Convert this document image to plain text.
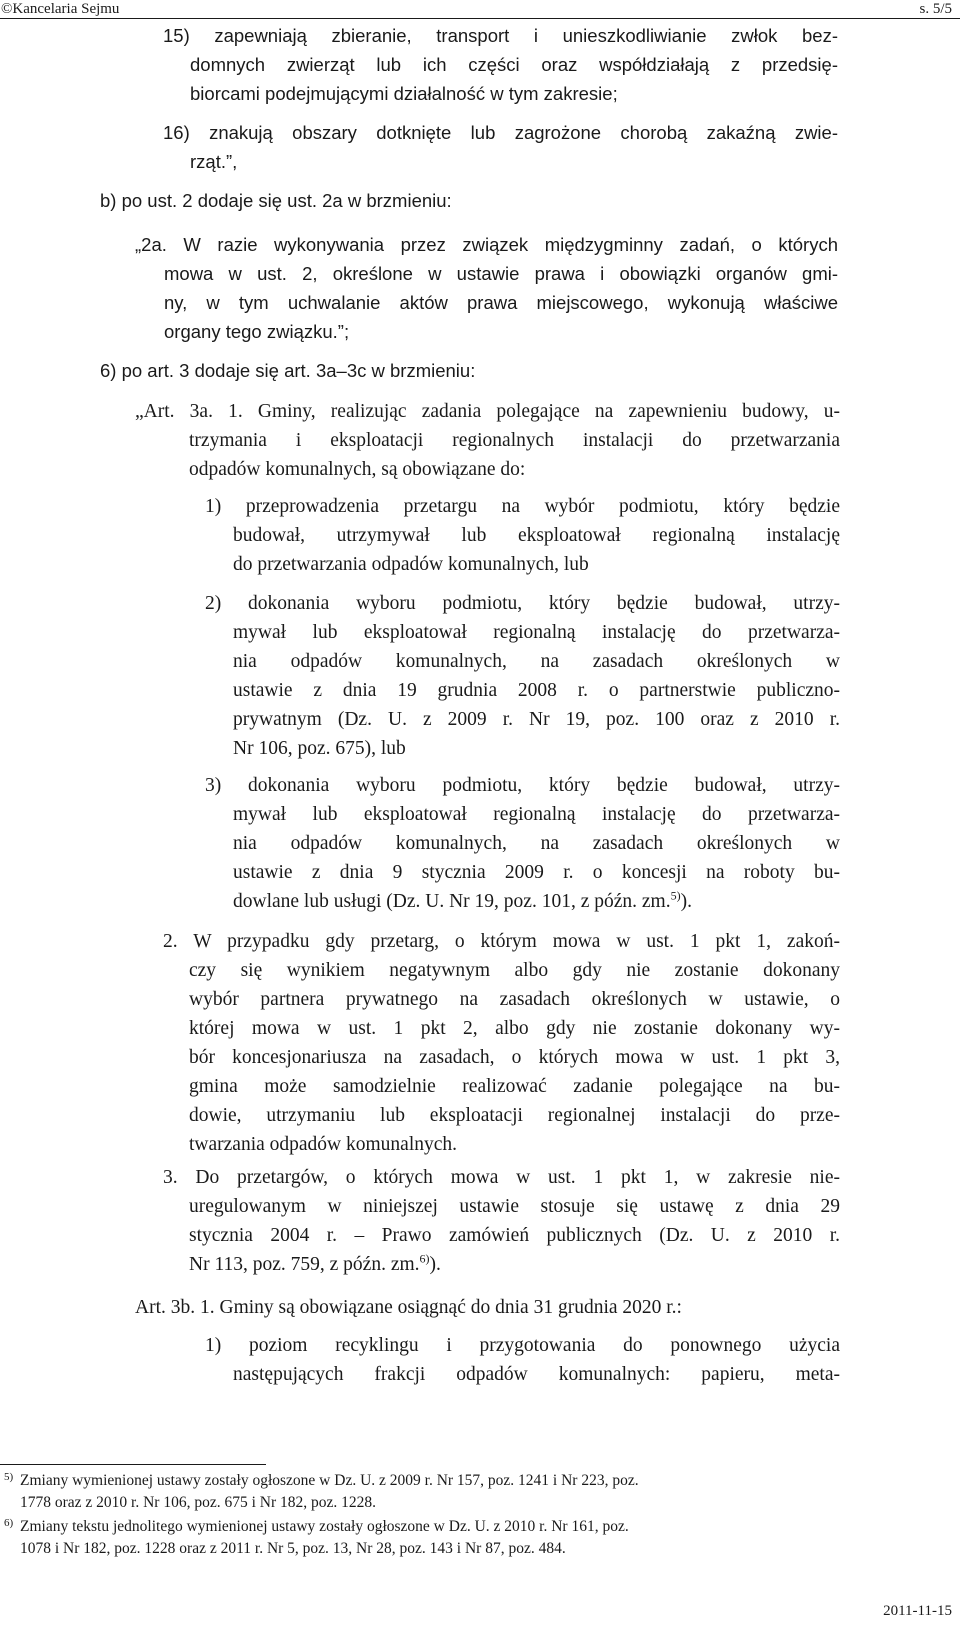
©Kancelaria Sejmu	s. 5/5
15) zapewniają zbieranie, transport i unieszkodliwianie zwłok bez-
domnych zwierząt lub ich części oraz współdziałają z przedsię-
biorcami podejmującymi działalność w tym zakresie;
16) znakują obszary dotknięte lub zagrożone chorobą zakaźną zwie-
rząt.”,
b) po ust. 2 dodaje się ust. 2a w brzmieniu:
„2a. W razie wykonywania przez związek międzygminny zadań, o których
mowa w ust. 2, określone w ustawie prawa i obowiązki organów gmi-
ny, w tym uchwalanie aktów prawa miejscowego, wykonują właściwe
organy tego związku.”;
6) po art. 3 dodaje się art. 3a–3c w brzmieniu:
„Art. 3a. 1. Gminy, realizując zadania polegające na zapewnieniu budowy, u-
trzymania i eksploatacji regionalnych instalacji do przetwarzania
odpadów komunalnych, są obowiązane do:
1) przeprowadzenia przetargu na wybór podmiotu, który będzie
budował, utrzymywał lub eksploatował regionalną instalację
do przetwarzania odpadów komunalnych, lub
2) dokonania wyboru podmiotu, który będzie budował, utrzy-
mywał lub eksploatował regionalną instalację do przetwarza-
nia odpadów komunalnych, na zasadach określonych w
ustawie z dnia 19 grudnia 2008 r. o partnerstwie publiczno-
prywatnym (Dz. U. z 2009 r. Nr 19, poz. 100 oraz z 2010 r.
Nr 106, poz. 675), lub
3) dokonania wyboru podmiotu, który będzie budował, utrzy-
mywał lub eksploatował regionalną instalację do przetwarza-
nia odpadów komunalnych, na zasadach określonych w
ustawie z dnia 9 stycznia 2009 r. o koncesji na roboty bu-
dowlane lub usługi (Dz. U. Nr 19, poz. 101, z późn. zm.$^{5)}$).
2. W przypadku gdy przetarg, o którym mowa w ust. 1 pkt 1, zakoń-
czy się wynikiem negatywnym albo gdy nie zostanie dokonany
wybór partnera prywatnego na zasadach określonych w ustawie, o
której mowa w ust. 1 pkt 2, albo gdy nie zostanie dokonany wy-
bór koncesjonariusza na zasadach, o których mowa w ust. 1 pkt 3,
gmina może samodzielnie realizować zadanie polegające na bu-
dowie, utrzymaniu lub eksploatacji regionalnej instalacji do prze-
twarzania odpadów komunalnych.
3. Do przetargów, o których mowa w ust. 1 pkt 1, w zakresie nie-
uregulowanym w niniejszej ustawie stosuje się ustawę z dnia 29
stycznia 2004 r. – Prawo zamówień publicznych (Dz. U. z 2010 r.
Nr 113, poz. 759, z późn. zm.$^{6)}$).
Art. 3b. 1. Gminy są obowiązane osiągnąć do dnia 31 grudnia 2020 r.:
1) poziom recyklingu i przygotowania do ponownego użycia
następujących frakcji odpadów komunalnych: papieru, meta-
5) Zmiany wymienionej ustawy zostały ogłoszone w Dz. U. z 2009 r. Nr 157, poz. 1241 i Nr 223, poz.
1778 oraz z 2010 r. Nr 106, poz. 675 i Nr 182, poz. 1228.
6) Zmiany tekstu jednolitego wymienionej ustawy zostały ogłoszone w Dz. U. z 2010 r. Nr 161, poz.
1078 i Nr 182, poz. 1228 oraz z 2011 r. Nr 5, poz. 13, Nr 28, poz. 143 i Nr 87, poz. 484.
2011-11-15
